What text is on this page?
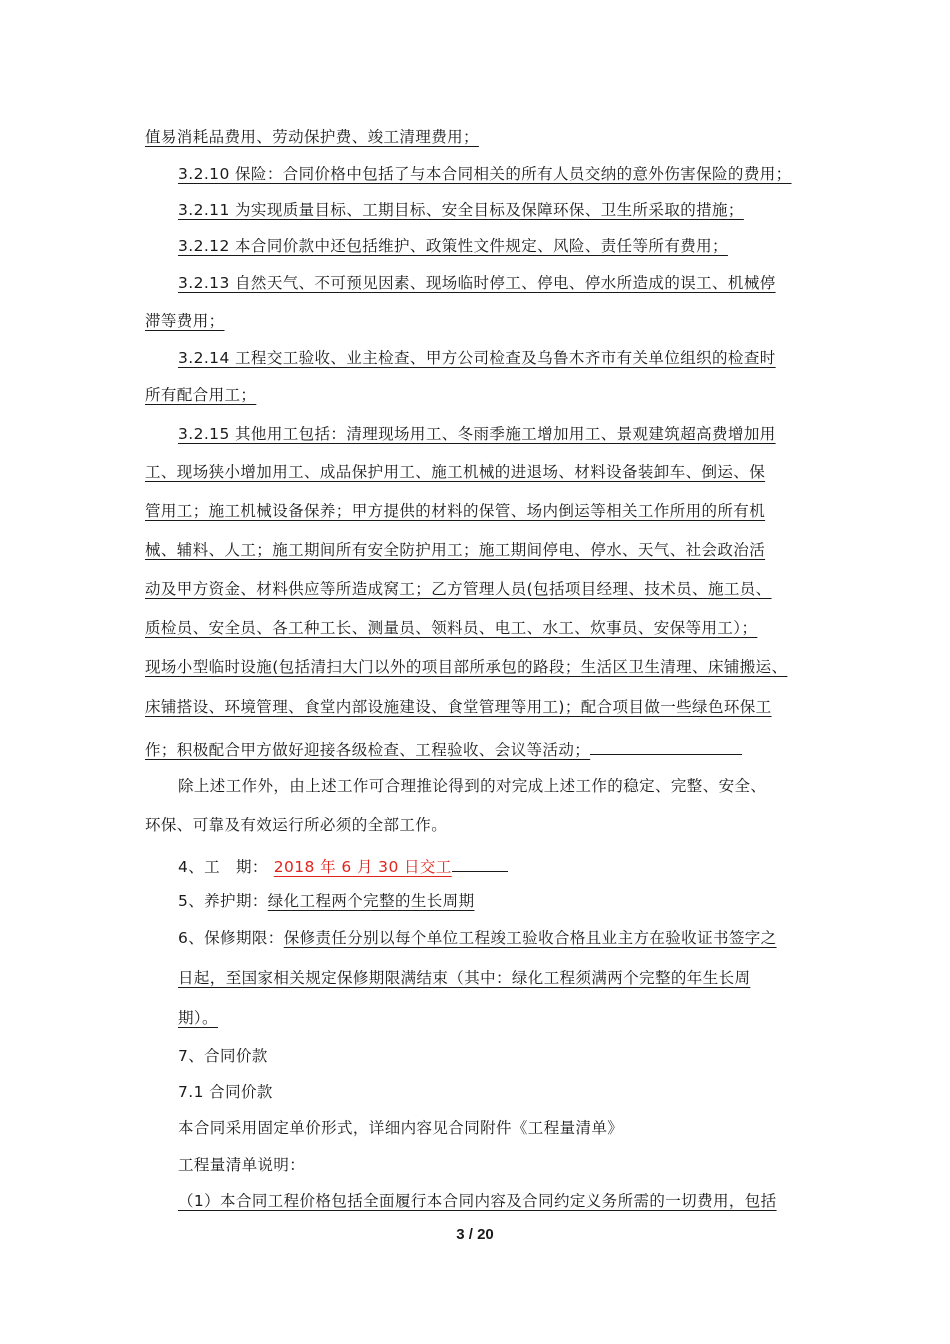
值易消耗品费用、劳动保护费、竣工清理费用；
3.2.10 保险：合同价格中包括了与本合同相关的所有人员交纳的意外伤害保险的费用；
3.2.11 为实现质量目标、工期目标、安全目标及保障环保、卫生所采取的措施；
3.2.12 本合同价款中还包括维护、政策性文件规定、风险、责任等所有费用；
3.2.13 自然天气、不可预见因素、现场临时停工、停电、停水所造成的误工、机械停
滞等费用；
3.2.14 工程交工验收、业主检查、甲方公司检查及乌鲁木齐市有关单位组织的检查时
所有配合用工；
3.2.15 其他用工包括：清理现场用工、冬雨季施工增加用工、景观建筑超高费增加用
工、现场狭小增加用工、成品保护用工、施工机械的进退场、材料设备装卸车、倒运、保
管用工；施工机械设备保养；甲方提供的材料的保管、场内倒运等相关工作所用的所有机
械、辅料、人工；施工期间所有安全防护用工；施工期间停电、停水、天气、社会政治活
动及甲方资金、材料供应等所造成窝工；乙方管理人员(包括项目经理、技术员、施工员、
质检员、安全员、各工种工长、测量员、领料员、电工、水工、炊事员、安保等用工）；
现场小型临时设施(包括清扫大门以外的项目部所承包的路段；生活区卫生清理、床铺搬运、
床铺搭设、环境管理、食堂内部设施建设、食堂管理等用工)；配合项目做一些绿色环保工
作；积极配合甲方做好迎接各级检查、工程验收、会议等活动；
除上述工作外，由上述工作可合理推论得到的对完成上述工作的稳定、完整、安全、
环保、可靠及有效运行所必须的全部工作。
4、工　期： 2018 年 6 月 30 日交工
5、养护期：绿化工程两个完整的生长周期
6、保修期限：保修责任分别以每个单位工程竣工验收合格且业主方在验收证书签字之
日起，至国家相关规定保修期限满结束（其中：绿化工程须满两个完整的年生长周
期）。
7、合同价款
7.1 合同价款
本合同采用固定单价形式，详细内容见合同附件《工程量清单》
工程量清单说明：
（1）本合同工程价格包括全面履行本合同内容及合同约定义务所需的一切费用，包括
3 / 20
